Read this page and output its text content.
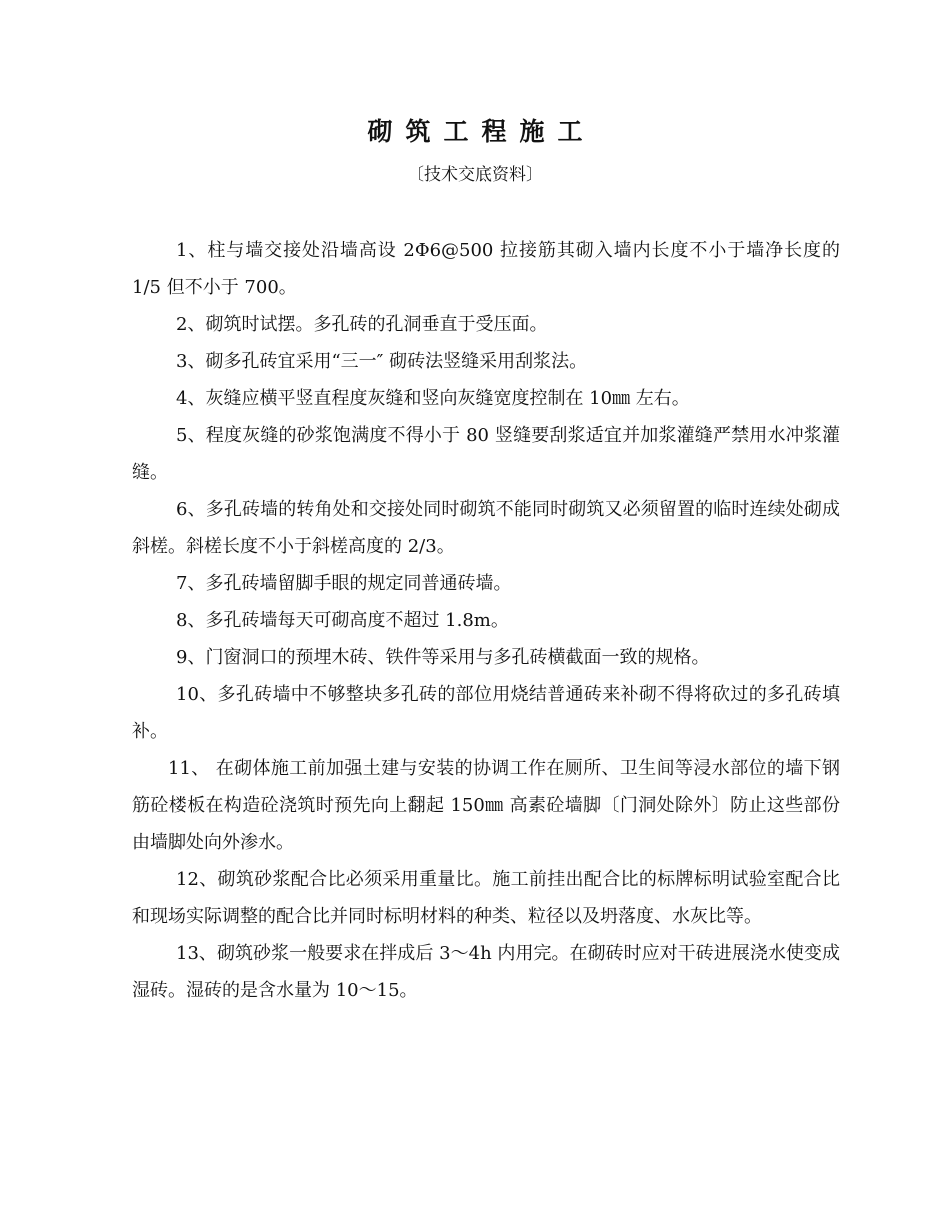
砌筑工程施工

〔技术交底资料〕

1、柱与墙交接处沿墙高设 2Φ6@500 拉接筋其砌入墙内长度不小于墙净长度的 1/5 但不小于 700。

2、砌筑时试摆。多孔砖的孔洞垂直于受压面。

3、砌多孔砖宜采用“三一″ 砌砖法竖缝采用刮浆法。

4、灰缝应横平竖直程度灰缝和竖向灰缝宽度控制在 10㎜ 左右。

5、程度灰缝的砂浆饱满度不得小于 80 竖缝要刮浆适宜并加浆灌缝严禁用水冲浆灌缝。

6、多孔砖墙的转角处和交接处同时砌筑不能同时砌筑又必须留置的临时连续处砌成斜槎。斜槎长度不小于斜槎高度的 2/3。

7、多孔砖墙留脚手眼的规定同普通砖墙。

8、多孔砖墙每天可砌高度不超过 1.8m。

9、门窗洞口的预埋木砖、铁件等采用与多孔砖横截面一致的规格。

10、多孔砖墙中不够整块多孔砖的部位用烧结普通砖来补砌不得将砍过的多孔砖填补。

11、 在砌体施工前加强土建与安装的协调工作在厕所、卫生间等浸水部位的墙下钢筋砼楼板在构造砼浇筑时预先向上翻起 150㎜ 高素砼墙脚〔门洞处除外〕防止这些部份由墙脚处向外渗水。

12、砌筑砂浆配合比必须采用重量比。施工前挂出配合比的标牌标明试验室配合比和现场实际调整的配合比并同时标明材料的种类、粒径以及坍落度、水灰比等。

13、砌筑砂浆一般要求在拌成后 3～4h 内用完。在砌砖时应对干砖进展浇水使变成湿砖。湿砖的是含水量为 10～15。
